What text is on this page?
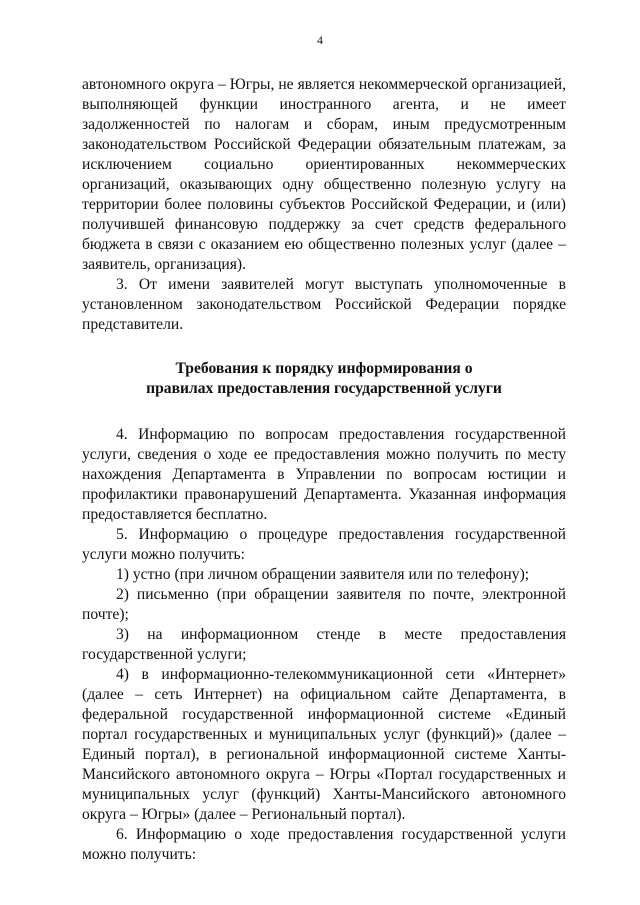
4

автономного округа – Югры, не является некоммерческой организацией, выполняющей функции иностранного агента, и не имеет задолженностей по налогам и сборам, иным предусмотренным законодательством Российской Федерации обязательным платежам, за исключением социально ориентированных некоммерческих организаций, оказывающих одну общественно полезную услугу на территории более половины субъектов Российской Федерации, и (или) получившей финансовую поддержку за счет средств федерального бюджета в связи с оказанием ею общественно полезных услуг (далее – заявитель, организация).

3. От имени заявителей могут выступать уполномоченные в установленном законодательством Российской Федерации порядке представители.

Требования к порядку информирования о
правилах предоставления государственной услуги

4. Информацию по вопросам предоставления государственной услуги, сведения о ходе ее предоставления можно получить по месту нахождения Департамента в Управлении по вопросам юстиции и профилактики правонарушений Департамента. Указанная информация предоставляется бесплатно.

5. Информацию о процедуре предоставления государственной услуги можно получить:

1) устно (при личном обращении заявителя или по телефону);

2) письменно (при обращении заявителя по почте, электронной почте);

3) на информационном стенде в месте предоставления государственной услуги;

4) в информационно-телекоммуникационной сети «Интернет» (далее – сеть Интернет) на официальном сайте Департамента, в федеральной государственной информационной системе «Единый портал государственных и муниципальных услуг (функций)» (далее – Единый портал), в региональной информационной системе Ханты-Мансийского автономного округа – Югры «Портал государственных и муниципальных услуг (функций) Ханты-Мансийского автономного округа – Югры» (далее – Региональный портал).

6. Информацию о ходе предоставления государственной услуги можно получить:
